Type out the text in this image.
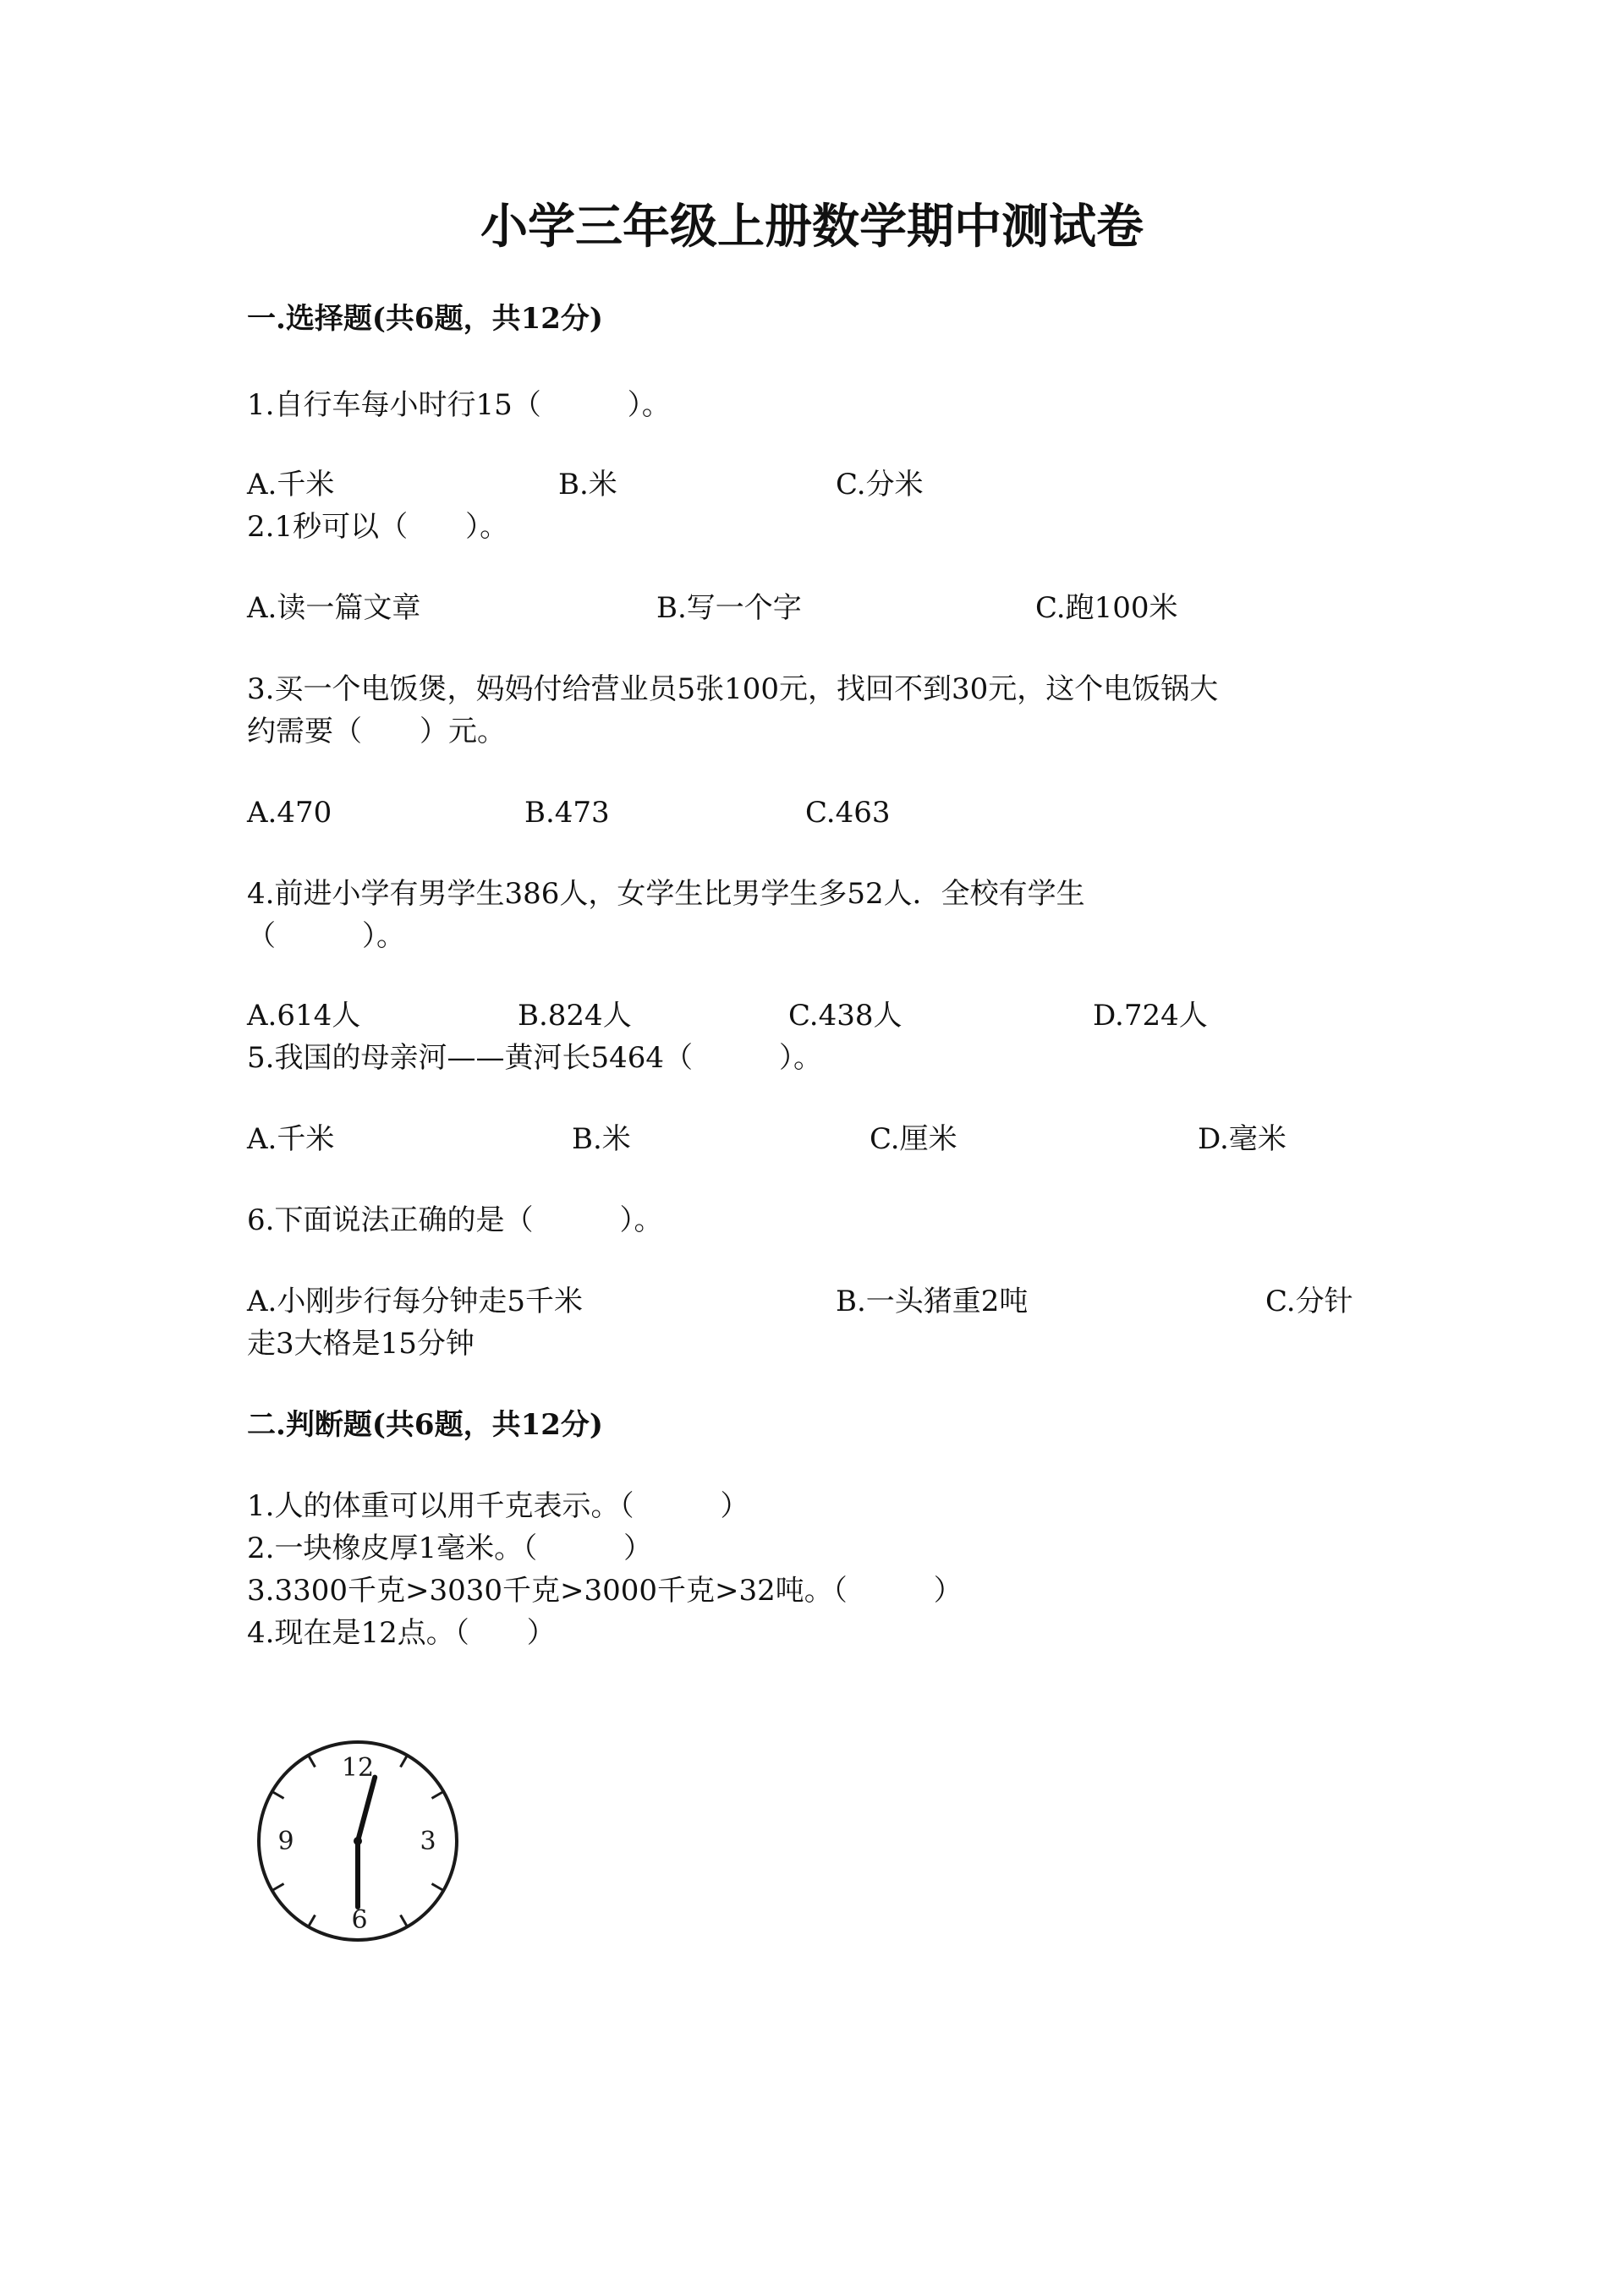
小学三年级上册数学期中测试卷
一.选择题(共6题，共12分)
1.自行车每小时行15（　　　）。
A.千米	B.米	C.分米
2.1秒可以（　　）。
A.读一篇文章	B.写一个字	C.跑100米
3.买一个电饭煲，妈妈付给营业员5张100元，找回不到30元，这个电饭锅大
约需要（　　）元。
A.470	B.473	C.463
4.前进小学有男学生386人，女学生比男学生多52人．全校有学生
（　　　）。
A.614人	B.824人	C.438人	D.724人
5.我国的母亲河——黄河长5464（　　　）。
A.千米	B.米	C.厘米	D.毫米
6.下面说法正确的是（　　　）。
A.小刚步行每分钟走5千米	B.一头猪重2吨	C.分针
走3大格是15分钟
二.判断题(共6题，共12分)
1.人的体重可以用千克表示。（　　　）
2.一块橡皮厚1毫米。（　　　）
3.3300千克>3030千克>3000千克>32吨。（　　　）
4.现在是12点。（　　）
12
3
6
9
